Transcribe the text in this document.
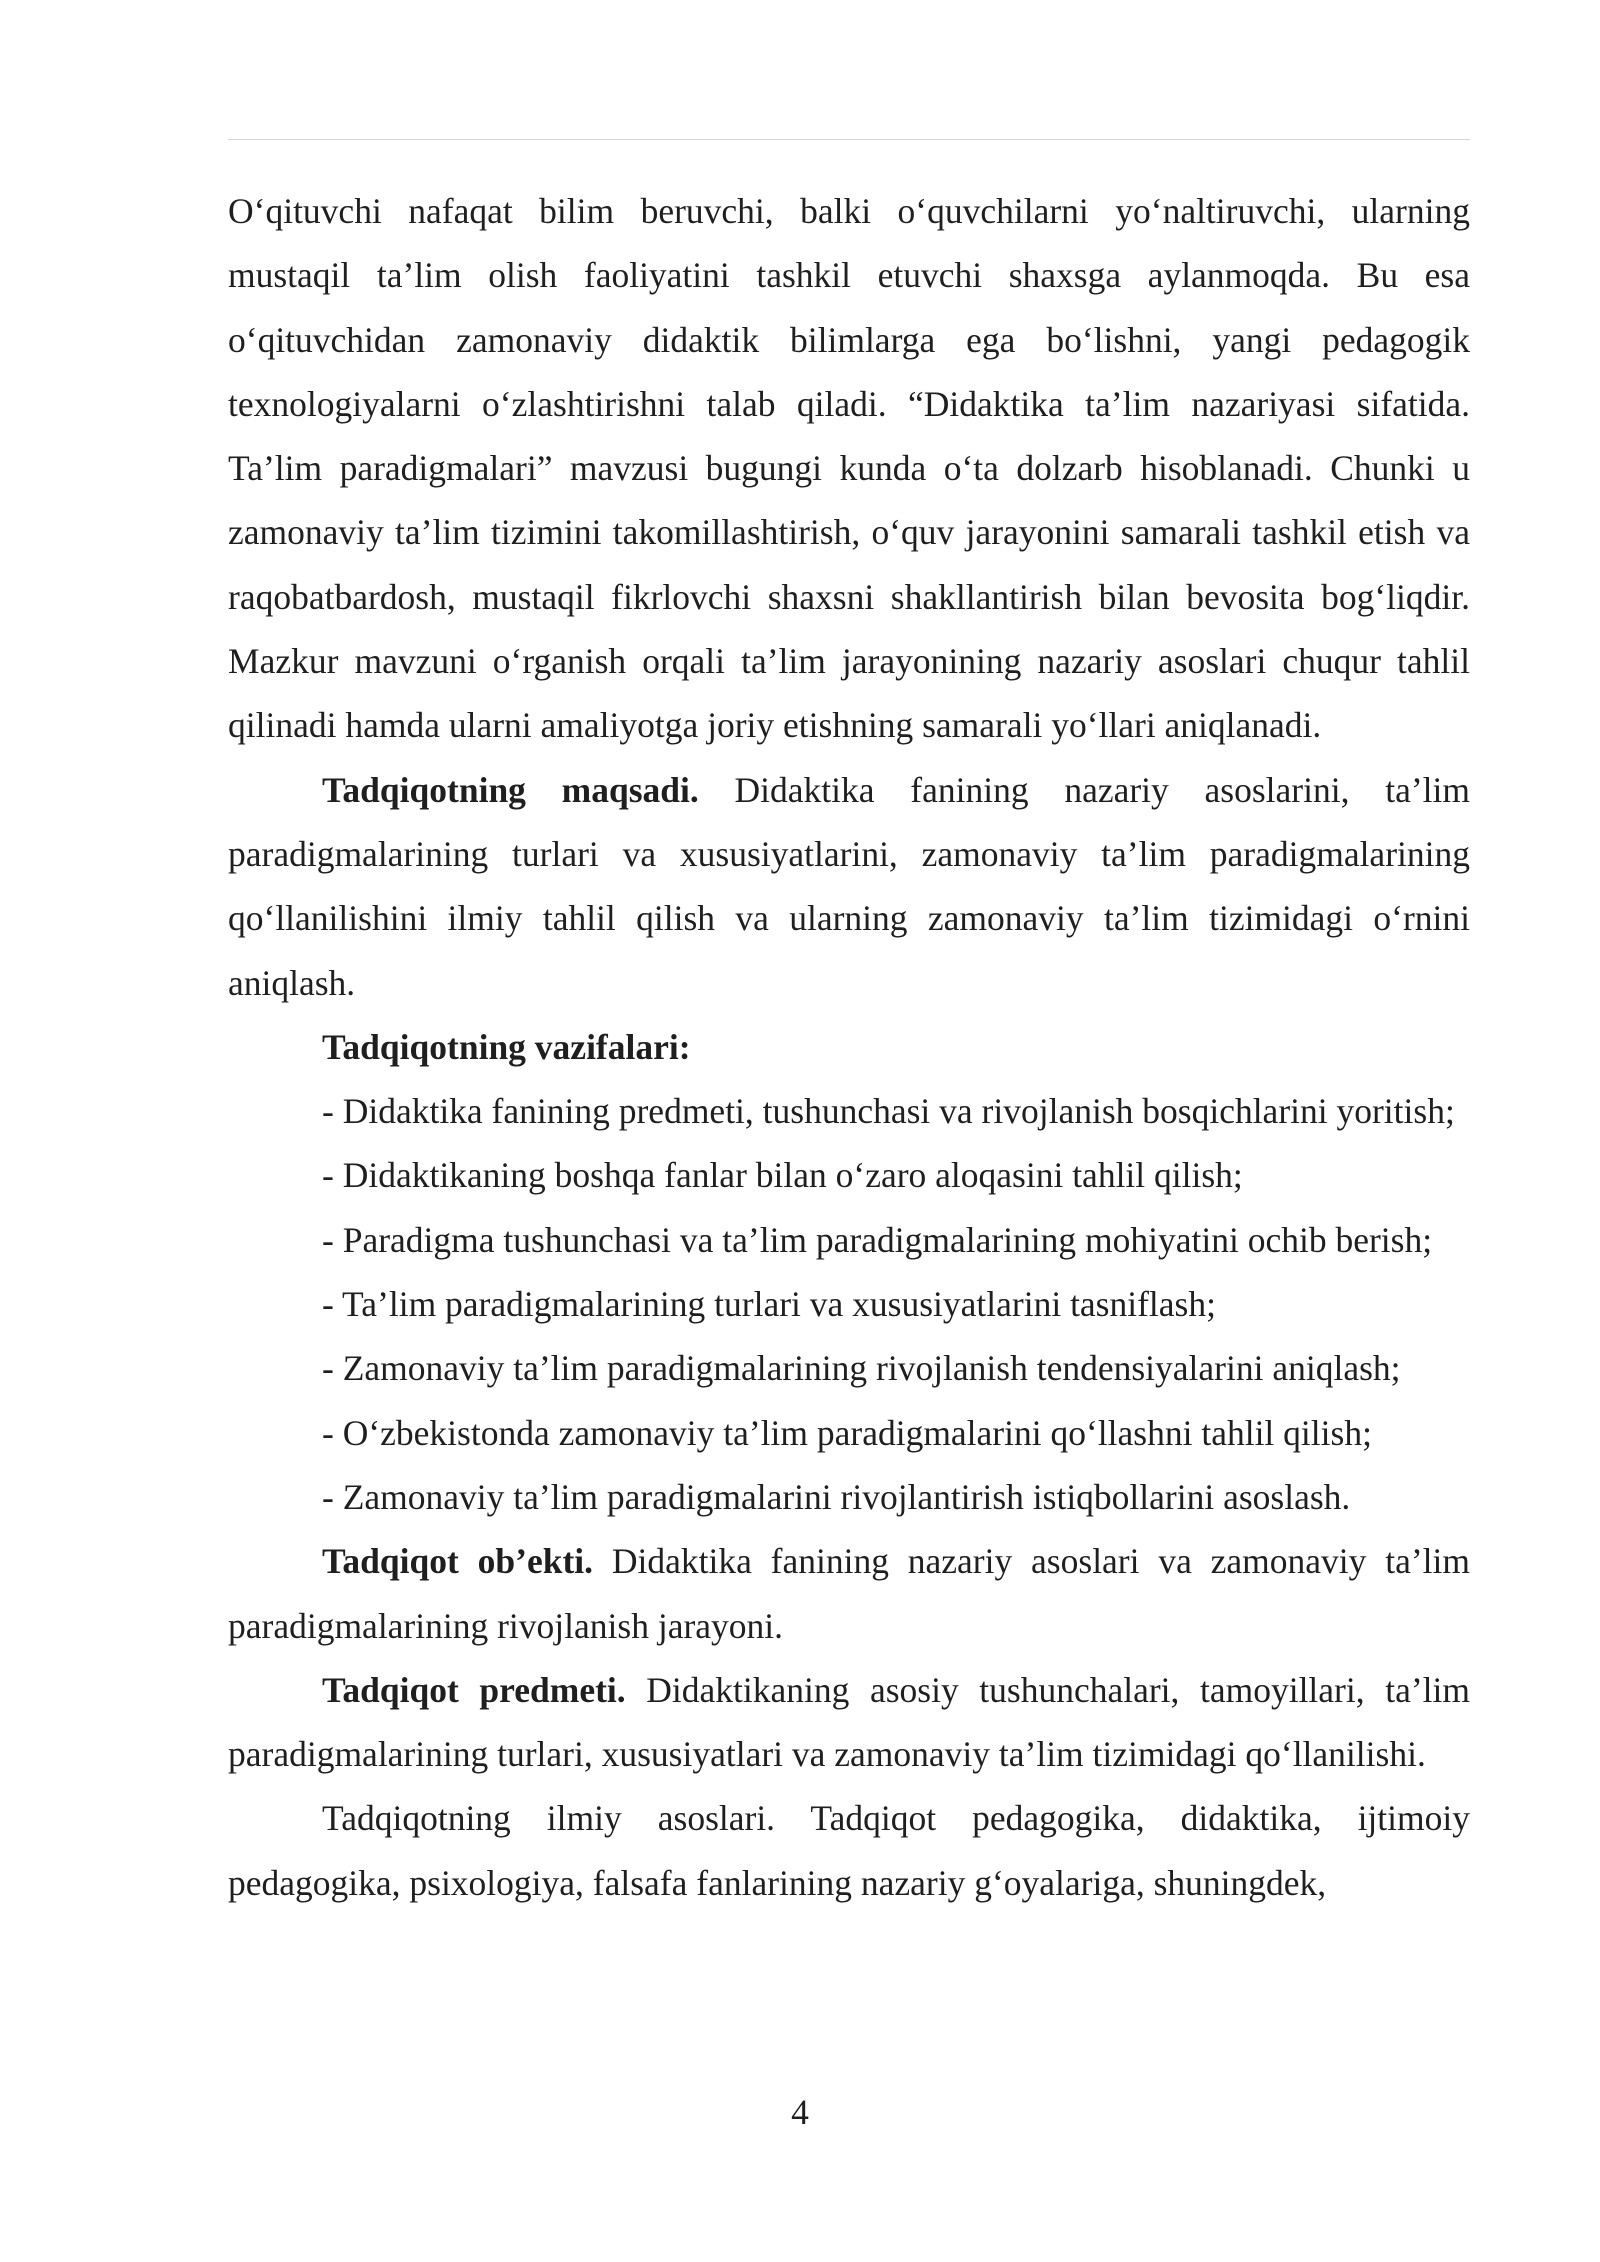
O‘qituvchi nafaqat bilim beruvchi, balki o‘quvchilarni yo‘naltiruvchi, ularning mustaqil ta’lim olish faoliyatini tashkil etuvchi shaxsga aylanmoqda. Bu esa o‘qituvchidan zamonaviy didaktik bilimlarga ega bo‘lishni, yangi pedagogik texnologiyalarni o‘zlashtirishni talab qiladi. “Didaktika ta’lim nazariyasi sifatida. Ta’lim paradigmalari” mavzusi bugungi kunda o‘ta dolzarb hisoblanadi. Chunki u zamonaviy ta’lim tizimini takomillashtirish, o‘quv jarayonini samarali tashkil etish va raqobatbardosh, mustaqil fikrlovchi shaxsni shakllantirish bilan bevosita bog‘liqdir. Mazkur mavzuni o‘rganish orqali ta’lim jarayonining nazariy asoslari chuqur tahlil qilinadi hamda ularni amaliyotga joriy etishning samarali yo‘llari aniqlanadi.

Tadqiqotning maqsadi. Didaktika fanining nazariy asoslarini, ta’lim paradigmalarining turlari va xususiyatlarini, zamonaviy ta’lim paradigmalarining qo‘llanilishini ilmiy tahlil qilish va ularning zamonaviy ta’lim tizimidagi o‘rnini aniqlash.

Tadqiqotning vazifalari:

- Didaktika fanining predmeti, tushunchasi va rivojlanish bosqichlarini yoritish;

- Didaktikaning boshqa fanlar bilan o‘zaro aloqasini tahlil qilish;

- Paradigma tushunchasi va ta’lim paradigmalarining mohiyatini ochib berish;

- Ta’lim paradigmalarining turlari va xususiyatlarini tasniflash;

- Zamonaviy ta’lim paradigmalarining rivojlanish tendensiyalarini aniqlash;

- O‘zbekistonda zamonaviy ta’lim paradigmalarini qo‘llashni tahlil qilish;

- Zamonaviy ta’lim paradigmalarini rivojlantirish istiqbollarini asoslash.

Tadqiqot ob’ekti. Didaktika fanining nazariy asoslari va zamonaviy ta’lim paradigmalarining rivojlanish jarayoni.

Tadqiqot predmeti. Didaktikaning asosiy tushunchalari, tamoyillari, ta’lim paradigmalarining turlari, xususiyatlari va zamonaviy ta’lim tizimidagi qo‘llanilishi.

Tadqiqotning ilmiy asoslari. Tadqiqot pedagogika, didaktika, ijtimoiy pedagogika, psixologiya, falsafa fanlarining nazariy g‘oyalariga, shuningdek,

4
